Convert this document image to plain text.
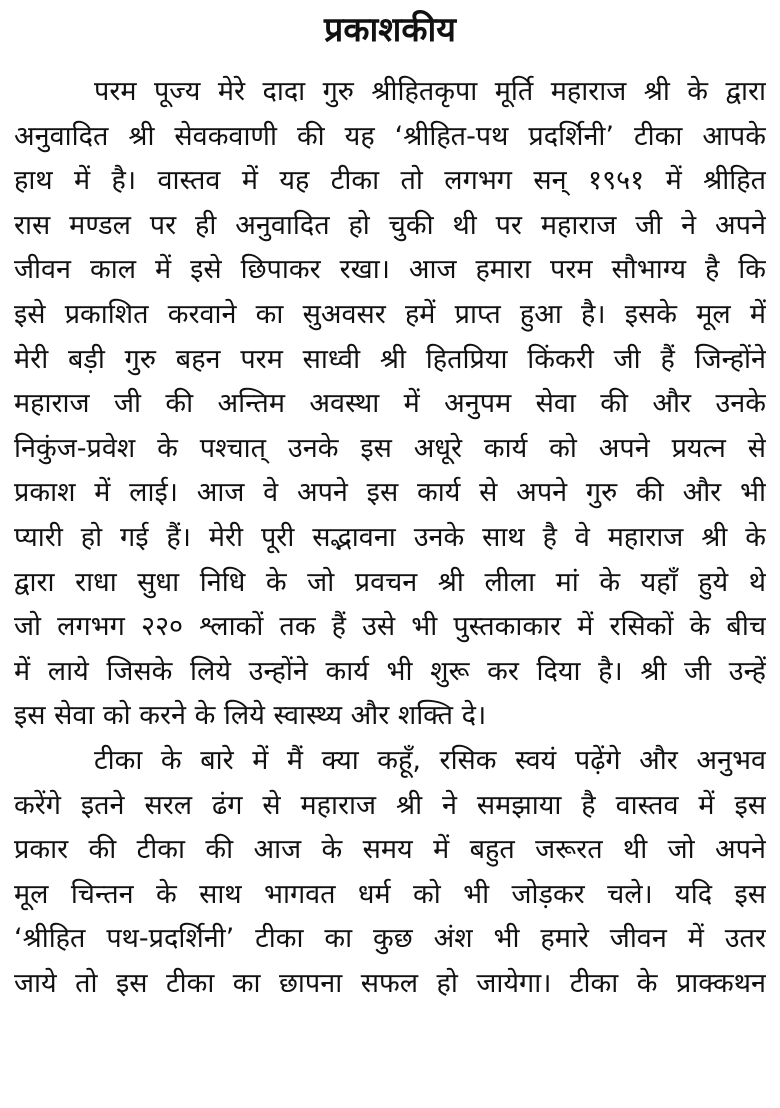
प्रकाशकीय
परम पूज्य मेरे दादा गुरु श्रीहितकृपा मूर्ति महाराज श्री के द्वारा
अनुवादित श्री सेवकवाणी की यह ‘श्रीहित-पथ प्रदर्शिनी’ टीका आपके
हाथ में है। वास्तव में यह टीका तो लगभग सन् १९५१ में श्रीहित
रास मण्डल पर ही अनुवादित हो चुकी थी पर महाराज जी ने अपने
जीवन काल में इसे छिपाकर रखा। आज हमारा परम सौभाग्य है कि
इसे प्रकाशित करवाने का सुअवसर हमें प्राप्त हुआ है। इसके मूल में
मेरी बड़ी गुरु बहन परम साध्वी श्री हितप्रिया किंकरी जी हैं जिन्होंने
महाराज जी की अन्तिम अवस्था में अनुपम सेवा की और उनके
निकुंज-प्रवेश के पश्चात् उनके इस अधूरे कार्य को अपने प्रयत्न से
प्रकाश में लाई। आज वे अपने इस कार्य से अपने गुरु की और भी
प्यारी हो गई हैं। मेरी पूरी सद्भावना उनके साथ है वे महाराज श्री के
द्वारा राधा सुधा निधि के जो प्रवचन श्री लीला मां के यहाँ हुये थे
जो लगभग २२० श्लाकों तक हैं उसे भी पुस्तकाकार में रसिकों के बीच
में लाये जिसके लिये उन्होंने कार्य भी शुरू कर दिया है। श्री जी उन्हें
इस सेवा को करने के लिये स्वास्थ्य और शक्ति दे।
टीका के बारे में मैं क्या कहूँ, रसिक स्वयं पढ़ेंगे और अनुभव
करेंगे इतने सरल ढंग से महाराज श्री ने समझाया है वास्तव में इस
प्रकार की टीका की आज के समय में बहुत जरूरत थी जो अपने
मूल चिन्तन के साथ भागवत धर्म को भी जोड़कर चले। यदि इस
‘श्रीहित पथ-प्रदर्शिनी’ टीका का कुछ अंश भी हमारे जीवन में उतर
जाये तो इस टीका का छापना सफल हो जायेगा। टीका के प्राक्कथन
